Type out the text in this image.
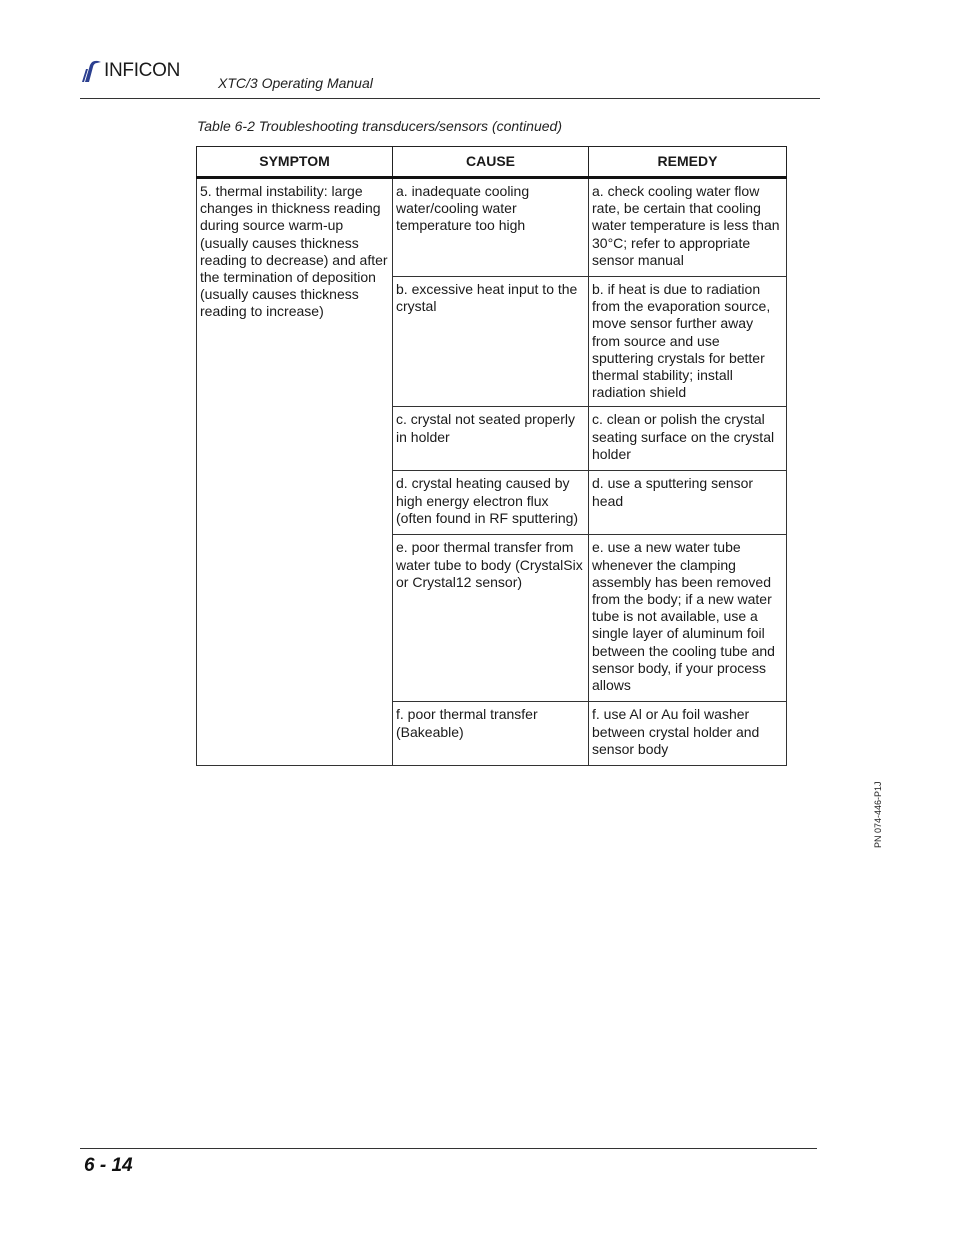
INFICON
XTC/3 Operating Manual
Table 6-2 Troubleshooting transducers/sensors (continued)
SYMPTOM	CAUSE	REMEDY
5. thermal instability: large changes in thickness reading during source warm-up (usually causes thickness reading to decrease) and after the termination of deposition (usually causes thickness reading to increase)	a. inadequate cooling water/cooling water temperature too high	a. check cooling water flow rate, be certain that cooling water temperature is less than 30°C; refer to appropriate sensor manual
	b. excessive heat input to the crystal	b. if heat is due to radiation from the evaporation source, move sensor further away from source and use sputtering crystals for better thermal stability; install radiation shield
	c. crystal not seated properly in holder	c. clean or polish the crystal seating surface on the crystal holder
	d. crystal heating caused by high energy electron flux (often found in RF sputtering)	d. use a sputtering sensor head
	e. poor thermal transfer from water tube to body (CrystalSix or Crystal12 sensor)	e. use a new water tube whenever the clamping assembly has been removed from the body; if a new water tube is not available, use a single layer of aluminum foil between the cooling tube and sensor body, if your process allows
	f. poor thermal transfer (Bakeable)	f. use Al or Au foil washer between crystal holder and sensor body
PN 074-446-P1J
6 - 14
